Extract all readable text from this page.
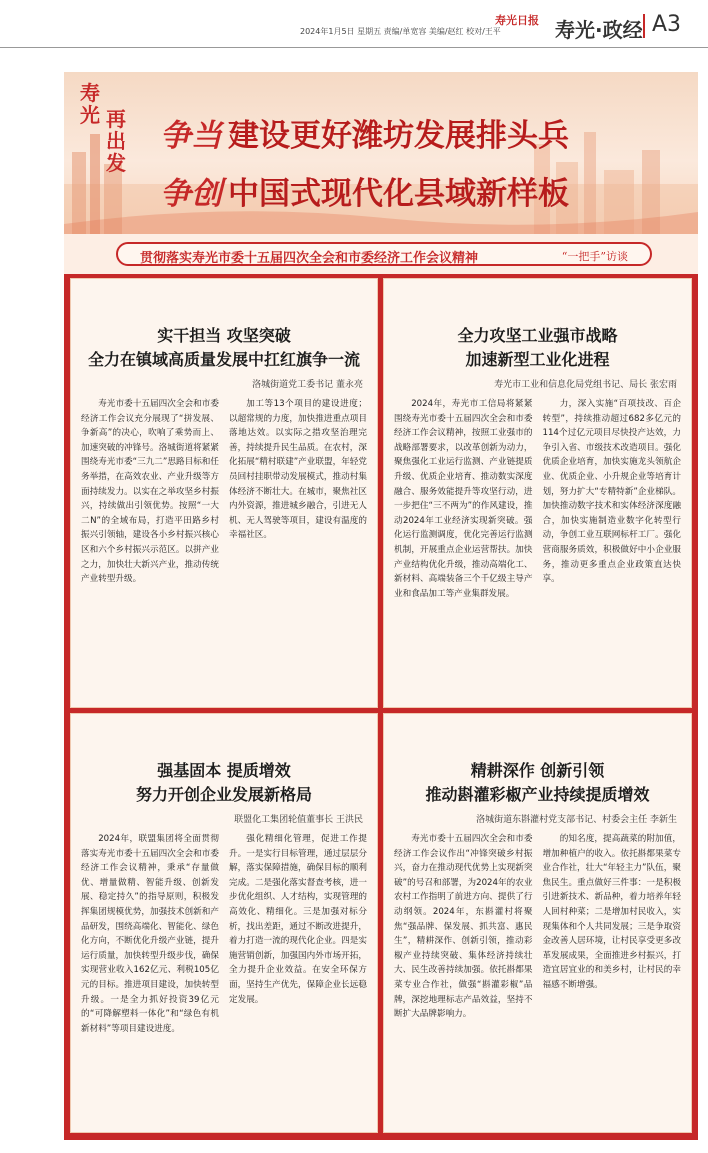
2024年1月5日 星期五 责编/单宽容 美编/赵红 校对/王平
寿光日报 寿光·政经 A3
寿光 再出发
争当 建设更好潍坊发展排头兵
争创 中国式现代化县域新样板
贯彻落实寿光市委十五届四次全会和市委经济工作会议精神	“一把手”访谈
实干担当 攻坚突破
全力在镇域高质量发展中扛红旗争一流
洛城街道党工委书记 董永亮
寿光市委十五届四次全会和市委经济工作会议充分展现了“拼发展、争新高”的决心，吹响了乘势而上、加速突破的冲锋号。洛城街道将紧紧围绕寿光市委“三九二”思路目标和任务举措，在高效农业、产业升级等方面持续发力。以实在之举攻坚乡村振兴，持续做出引领优势。按照“一大二N”的全域布局，打造平田路乡村振兴引领轴，建设各小乡村振兴核心区和六个乡村振兴示范区。以拼产业之力，加快壮大新兴产业，推动传统产业转型升级。
加工等13个项目的建设进度；以超常规的力度，加快推进重点项目落地达效。以实际之措攻坚治理完善，持续提升民生品质。在农村，深化拓展“精村联建”产业联盟，年轻党员回村挂职带动发展模式，推动村集体经济不断壮大。在城市，聚焦社区内外资源，推进城乡融合，引进无人机、无人驾驶等项目，建设有温度的幸福社区。
全力攻坚工业强市战略
加速新型工业化进程
寿光市工业和信息化局党组书记、局长 张宏雨
2024年，寿光市工信局将紧紧围绕寿光市委十五届四次全会和市委经济工作会议精神，按照工业强市的战略部署要求，以改革创新为动力，聚焦强化工业运行监测、产业链提质升级、优质企业培育、推动数实深度融合、服务效能提升等攻坚行动，进一步把住“三不两为”的作风建设，推动2024年工业经济实现新突破。强化运行监测调度，优化完善运行监测机制，开展重点企业运营帮扶。加快产业结构优化升级，推动高端化工、新材料、高端装备三个千亿级主导产业和食品加工等产业集群发展。
力，深入实施“百项技改、百企转型”，持续推动超过682多亿元的114个过亿元项目尽快投产达效，力争引入省、市级技术改造项目。强化优质企业培育，加快实施龙头领航企业、优质企业、小升规企业等培育计划，努力扩大“专精特新”企业梯队。加快推动数字技术和实体经济深度融合，加快实施制造业数字化转型行动，争创工业互联网标杆工厂。强化营商服务质效，积极做好中小企业服务，推动更多重点企业政策直达快享。
强基固本 提质增效
努力开创企业发展新格局
联盟化工集团轮值董事长 王洪民
2024年，联盟集团将全面贯彻落实寿光市委十五届四次全会和市委经济工作会议精神，秉承“存量做优、增量做精、智能升级、创新发展、稳定持久”的指导原则，积极发挥集团规模优势，加强技术创新和产品研发，围绕高端化、智能化、绿色化方向，不断优化升级产业链，提升运行质量，加快转型升级步伐，确保实现营业收入162亿元、利税105亿元的目标。推进项目建设，加快转型升级。一是全力抓好投资39亿元的“可降解塑料一体化”和“绿色有机新材料”等项目建设进度。
强化精细化管理，促进工作提升。一是实行目标管理，通过层层分解，落实保障措施，确保目标的顺利完成。二是强化落实督查考核，进一步优化组织、人才结构，实现管理的高效化、精细化。三是加强对标分析，找出差距，通过不断改进提升，着力打造一流的现代化企业。四是实施营销创新，加强国内外市场开拓，全力提升企业效益。在安全环保方面，坚持生产优先，保障企业长远稳定发展。
精耕深作 创新引领
推动斟灌彩椒产业持续提质增效
洛城街道东斟灌村党支部书记、村委会主任 李新生
寿光市委十五届四次全会和市委经济工作会议作出“冲锋突破乡村振兴，奋力在推动现代优势上实现新突破”的号召和部署，为2024年的农业农村工作指明了前进方向、提供了行动纲领。2024年，东斟灌村将聚焦“强品牌、保发展、抓共富、惠民生”，精耕深作、创新引领，推动彩椒产业持续突破、集体经济持续壮大、民生改善持续加强。依托斟都果菜专业合作社，做强“斟灌彩椒”品牌，深挖地理标志产品效益，坚持不断扩大品牌影响力。
的知名度，提高蔬菜的附加值，增加种植户的收入。依托斟都果菜专业合作社，壮大“年轻主力”队伍，聚焦民生。重点做好三件事：一是积极引进新技术、新品种，着力培养年轻人回村种菜；二是增加村民收入，实现集体和个人共同发展；三是争取资金改善人居环境，让村民享受更多改革发展成果，全面推进乡村振兴，打造宜居宜业的和美乡村，让村民的幸福感不断增强。
